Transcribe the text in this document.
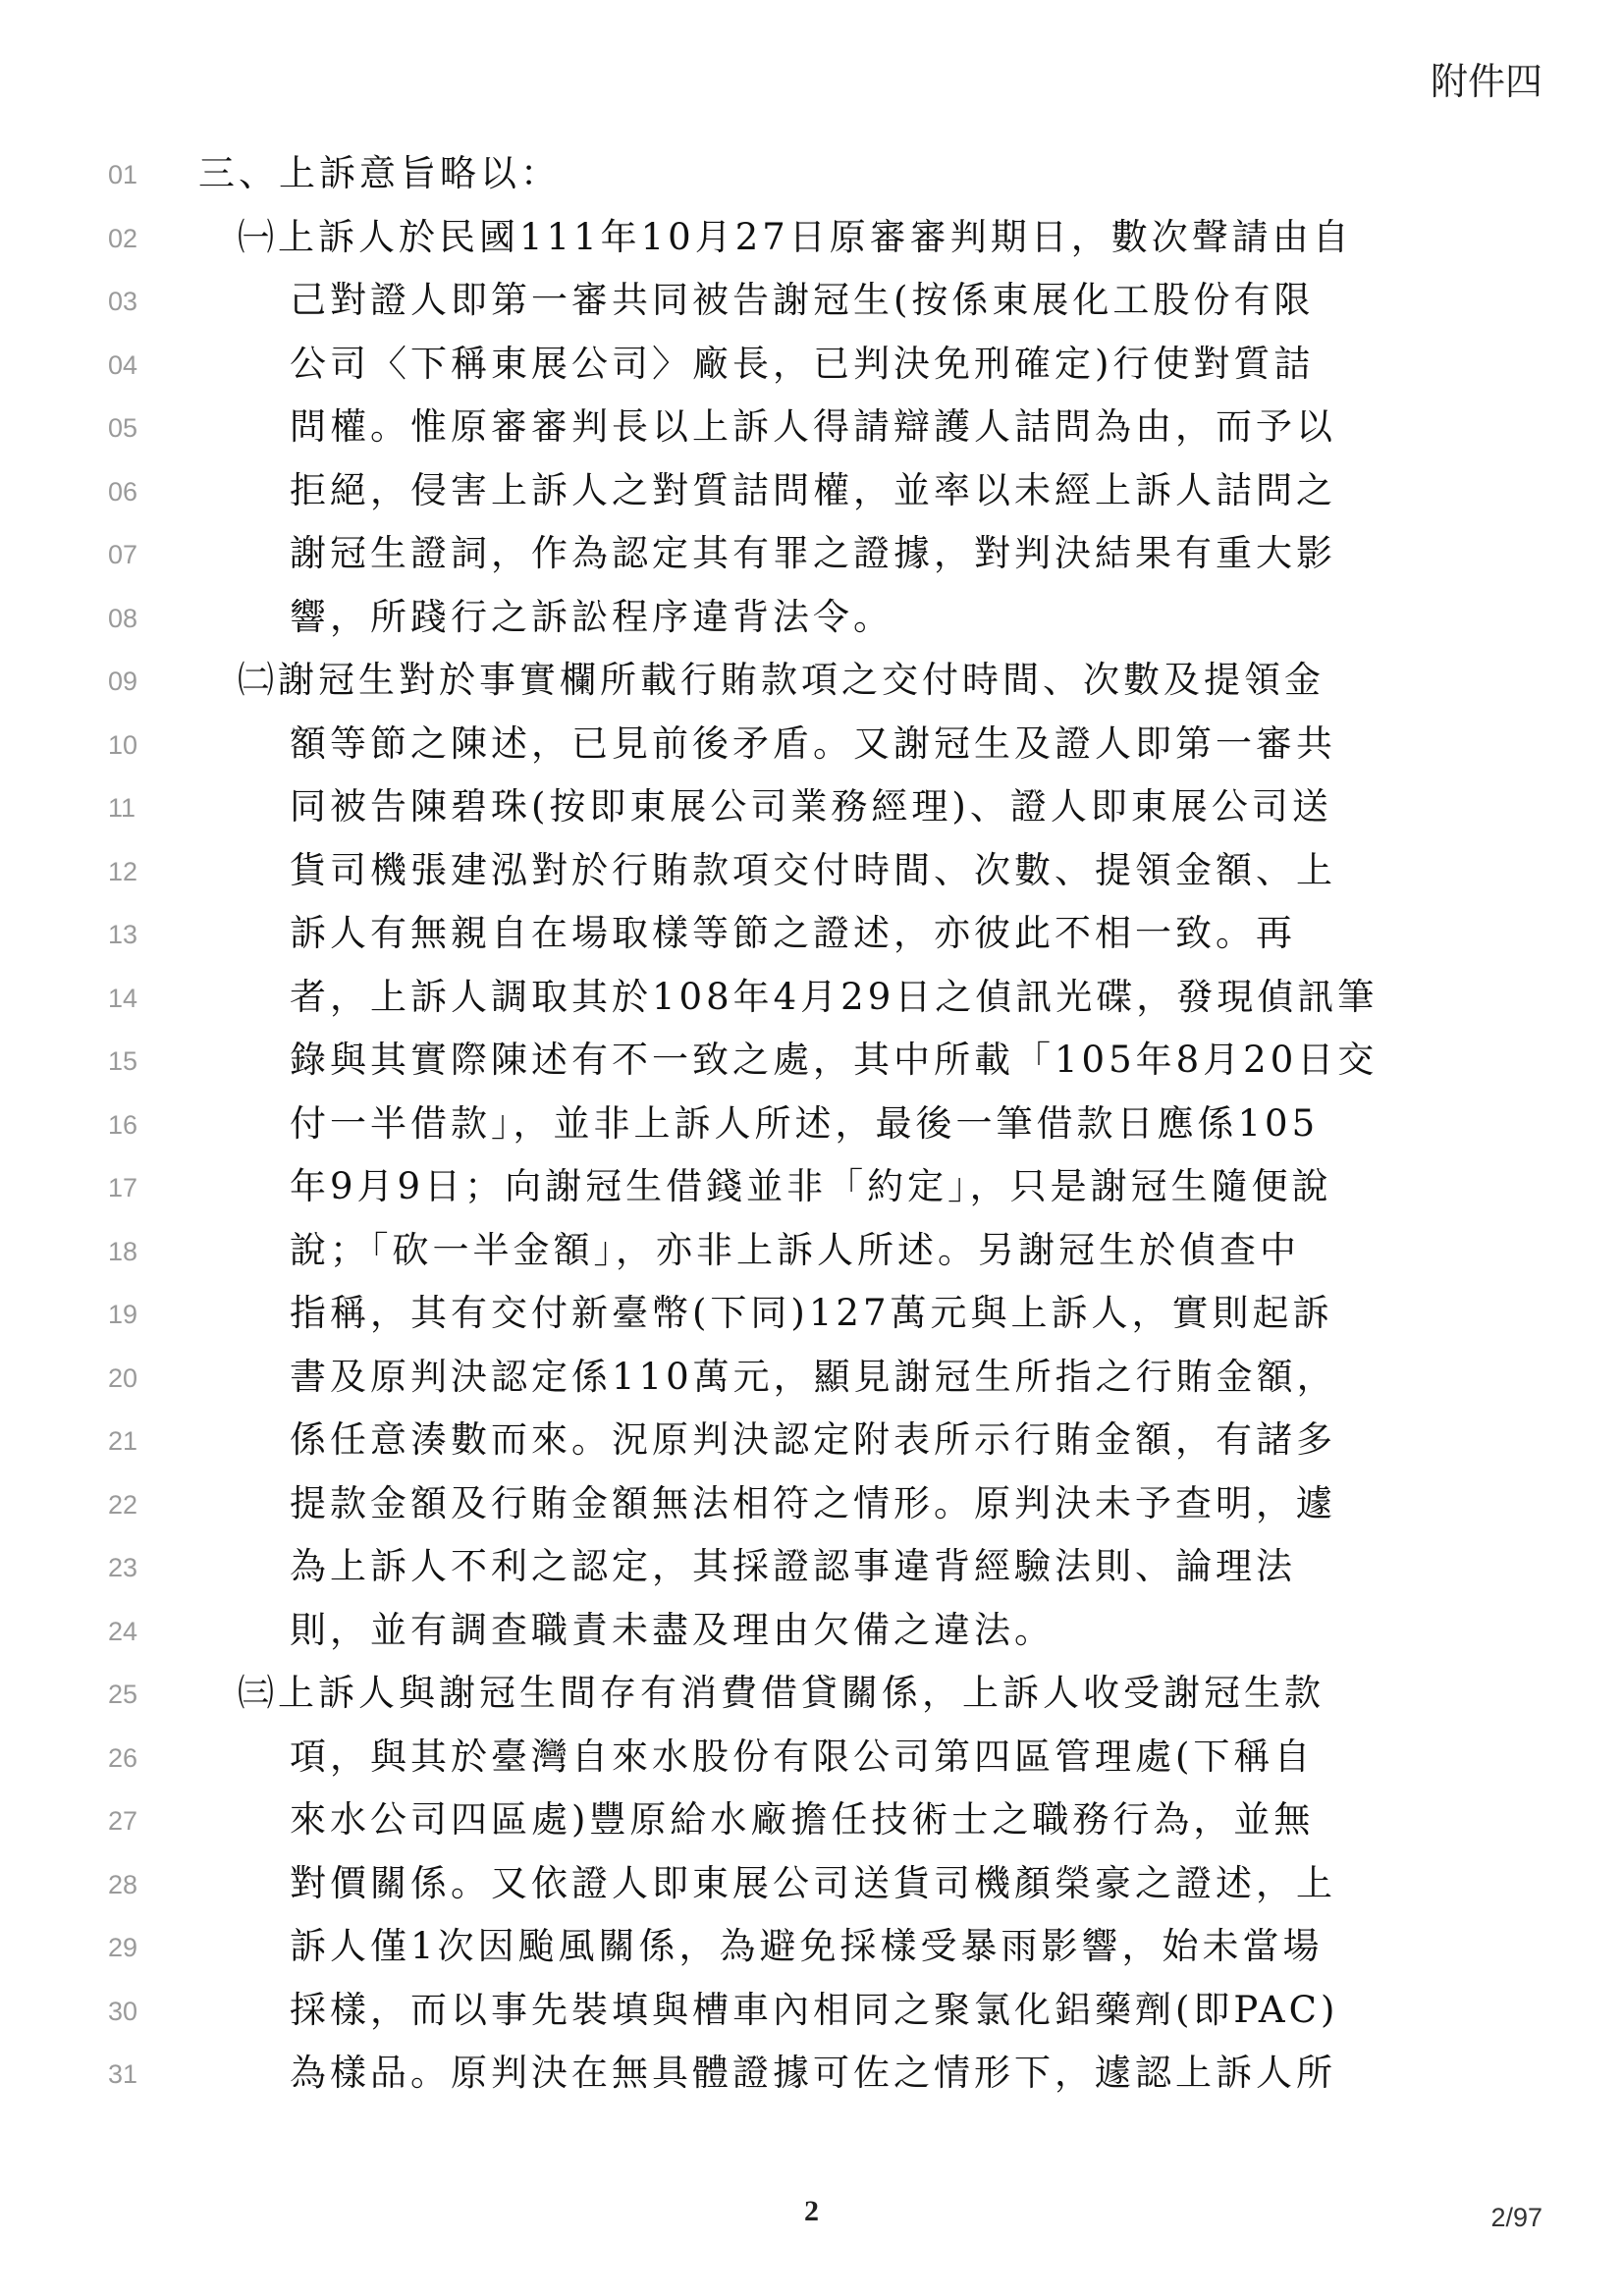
附件四
01	三、上訴意旨略以：
02	㈠上訴人於民國111年10月27日原審審判期日，數次聲請由自
03	己對證人即第一審共同被告謝冠生(按係東展化工股份有限
04	公司〈下稱東展公司〉廠長，已判決免刑確定)行使對質詰
05	問權。惟原審審判長以上訴人得請辯護人詰問為由，而予以
06	拒絕，侵害上訴人之對質詰問權，並率以未經上訴人詰問之
07	謝冠生證詞，作為認定其有罪之證據，對判決結果有重大影
08	響，所踐行之訴訟程序違背法令。
09	㈡謝冠生對於事實欄所載行賄款項之交付時間、次數及提領金
10	額等節之陳述，已見前後矛盾。又謝冠生及證人即第一審共
11	同被告陳碧珠(按即東展公司業務經理)、證人即東展公司送
12	貨司機張建泓對於行賄款項交付時間、次數、提領金額、上
13	訴人有無親自在場取樣等節之證述，亦彼此不相一致。再
14	者，上訴人調取其於108年4月29日之偵訊光碟，發現偵訊筆
15	錄與其實際陳述有不一致之處，其中所載「105年8月20日交
16	付一半借款」，並非上訴人所述，最後一筆借款日應係105
17	年9月9日；向謝冠生借錢並非「約定」，只是謝冠生隨便說
18	說；「砍一半金額」，亦非上訴人所述。另謝冠生於偵查中
19	指稱，其有交付新臺幣(下同)127萬元與上訴人，實則起訴
20	書及原判決認定係110萬元，顯見謝冠生所指之行賄金額，
21	係任意湊數而來。況原判決認定附表所示行賄金額，有諸多
22	提款金額及行賄金額無法相符之情形。原判決未予查明，遽
23	為上訴人不利之認定，其採證認事違背經驗法則、論理法
24	則，並有調查職責未盡及理由欠備之違法。
25	㈢上訴人與謝冠生間存有消費借貸關係，上訴人收受謝冠生款
26	項，與其於臺灣自來水股份有限公司第四區管理處(下稱自
27	來水公司四區處)豐原給水廠擔任技術士之職務行為，並無
28	對價關係。又依證人即東展公司送貨司機顏榮豪之證述，上
29	訴人僅1次因颱風關係，為避免採樣受暴雨影響，始未當場
30	採樣，而以事先裝填與槽車內相同之聚氯化鋁藥劑(即PAC)
31	為樣品。原判決在無具體證據可佐之情形下，遽認上訴人所
2	2/97
